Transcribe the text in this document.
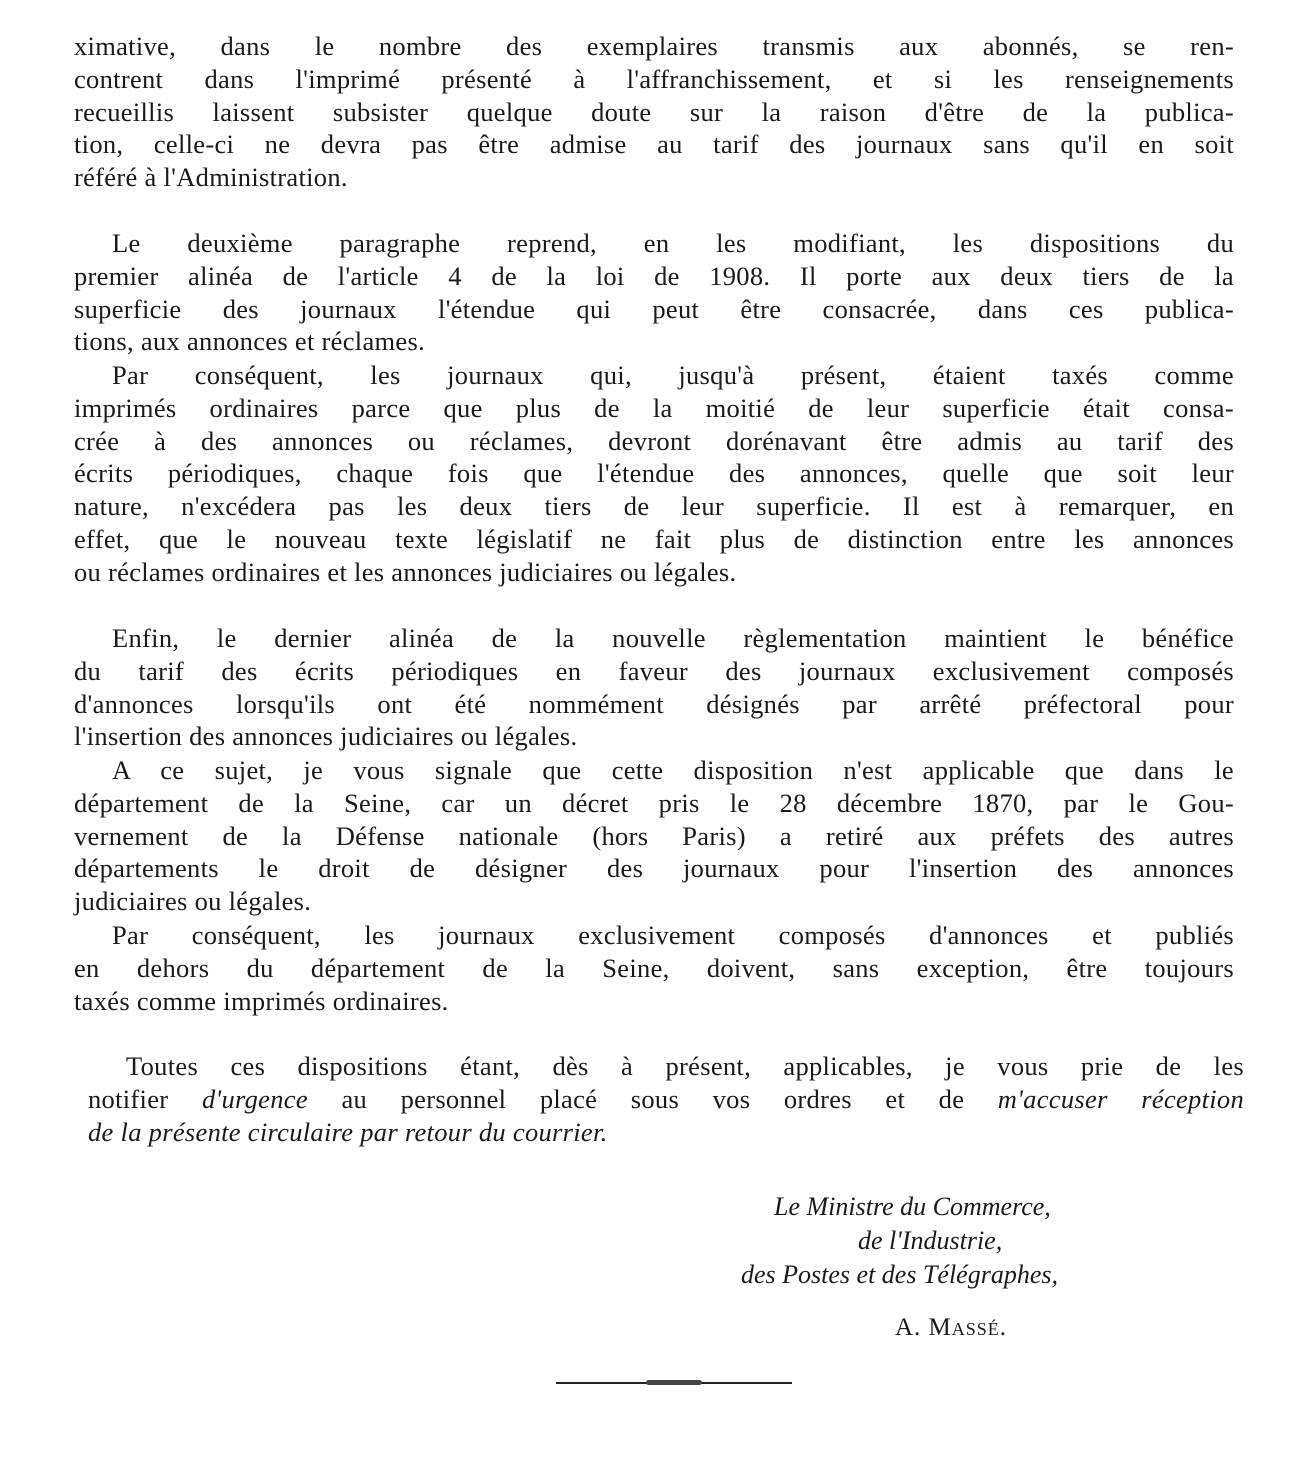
ximative, dans le nombre des exemplaires transmis aux abonnés, se ren-
contrent dans l'imprimé présenté à l'affranchissement, et si les renseignements
recueillis laissent subsister quelque doute sur la raison d'être de la publica-
tion, celle-ci ne devra pas être admise au tarif des journaux sans qu'il en soit
référé à l'Administration.
Le deuxième paragraphe reprend, en les modifiant, les dispositions du
premier alinéa de l'article 4 de la loi de 1908. Il porte aux deux tiers de la
superficie des journaux l'étendue qui peut être consacrée, dans ces publica-
tions, aux annonces et réclames.
Par conséquent, les journaux qui, jusqu'à présent, étaient taxés comme
imprimés ordinaires parce que plus de la moitié de leur superficie était consa-
crée à des annonces ou réclames, devront dorénavant être admis au tarif des
écrits périodiques, chaque fois que l'étendue des annonces, quelle que soit leur
nature, n'excédera pas les deux tiers de leur superficie. Il est à remarquer, en
effet, que le nouveau texte législatif ne fait plus de distinction entre les annonces
ou réclames ordinaires et les annonces judiciaires ou légales.
Enfin, le dernier alinéa de la nouvelle règlementation maintient le bénéfice
du tarif des écrits périodiques en faveur des journaux exclusivement composés
d'annonces lorsqu'ils ont été nommément désignés par arrêté préfectoral pour
l'insertion des annonces judiciaires ou légales.
A ce sujet, je vous signale que cette disposition n'est applicable que dans le
département de la Seine, car un décret pris le 28 décembre 1870, par le Gou-
vernement de la Défense nationale (hors Paris) a retiré aux préfets des autres
départements le droit de désigner des journaux pour l'insertion des annonces
judiciaires ou légales.
Par conséquent, les journaux exclusivement composés d'annonces et publiés
en dehors du département de la Seine, doivent, sans exception, être toujours
taxés comme imprimés ordinaires.
Toutes ces dispositions étant, dès à présent, applicables, je vous prie de les
notifier d'urgence au personnel placé sous vos ordres et de m'accuser réception
de la présente circulaire par retour du courrier.
Le Ministre du Commerce,
de l'Industrie,
des Postes et des Télégraphes,
A. Massé.
